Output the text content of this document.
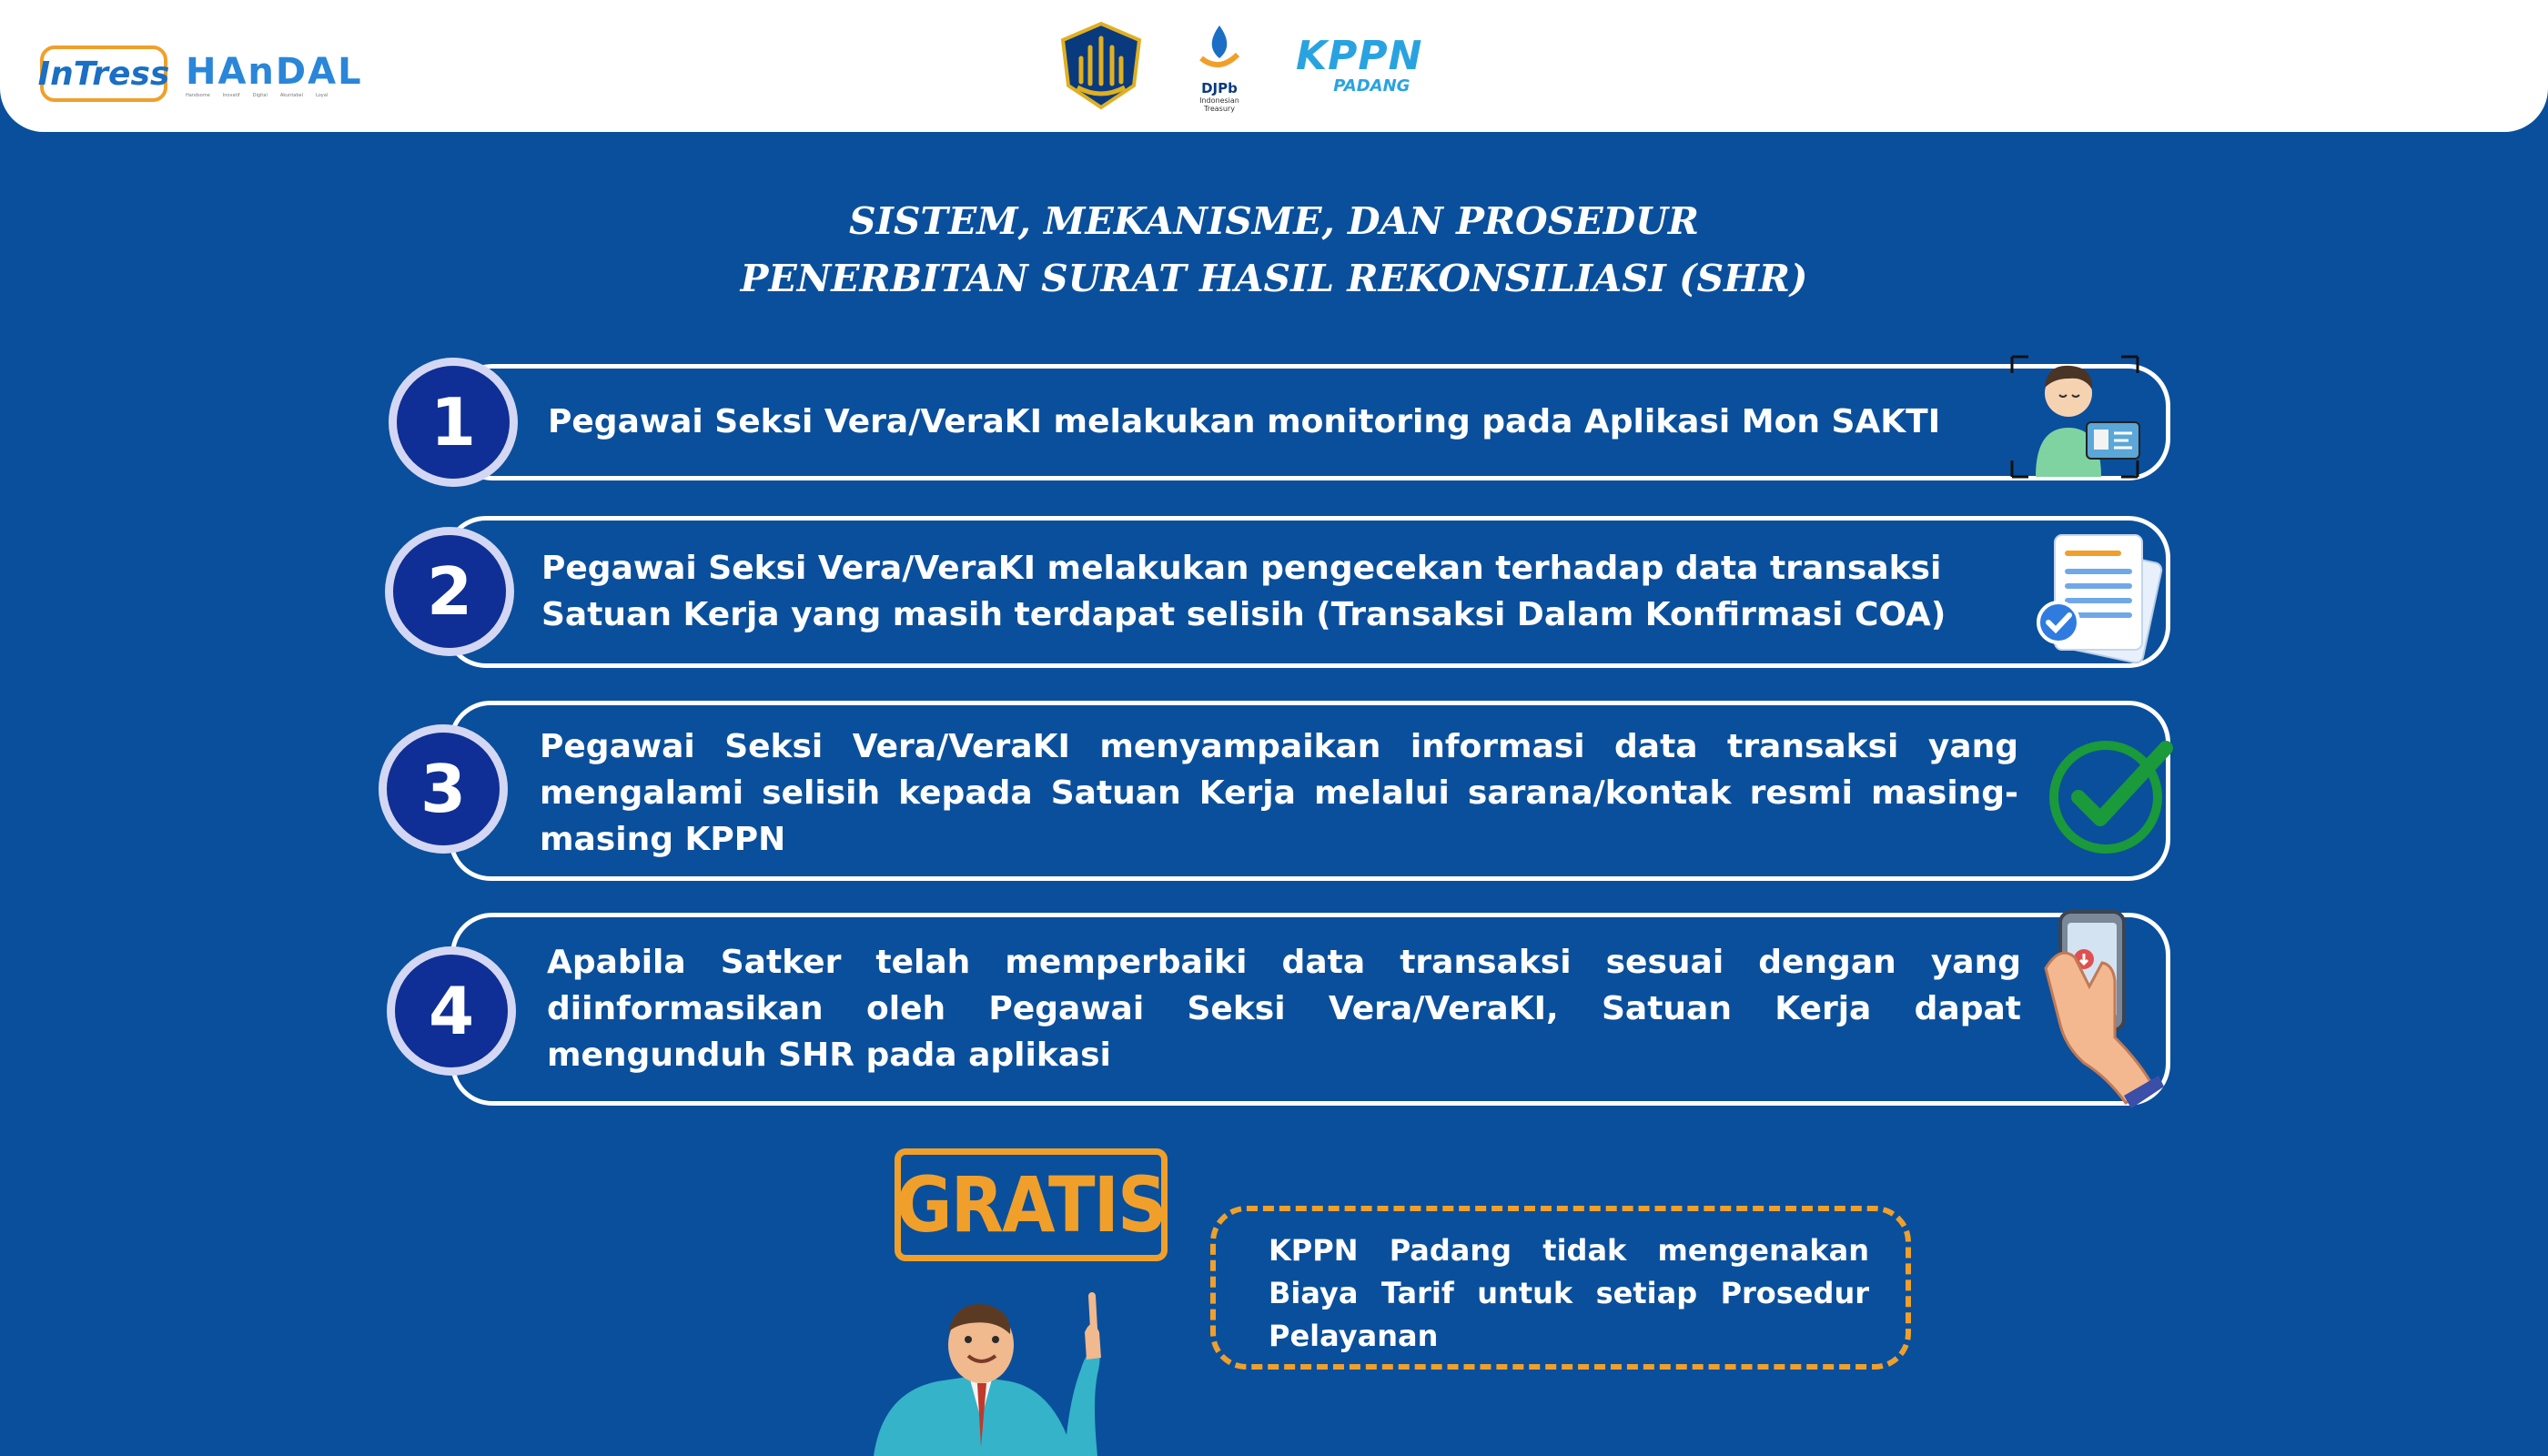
InTress HAnDAL
Handsome	Inovatif	Digital	Akuntabel	Loyal	DJPb
Indonesian Treasury
KPPN
PADANG
SISTEM, MEKANISME, DAN PROSEDUR
PENERBITAN SURAT HASIL REKONSILIASI (SHR)
1	Pegawai Seksi Vera/VeraKI melakukan monitoring pada Aplikasi Mon SAKTI
2	Pegawai Seksi Vera/VeraKI melakukan pengecekan terhadap data transaksi Satuan Kerja yang masih terdapat selisih (Transaksi Dalam Konfirmasi COA)
3
Pegawai Seksi Vera/VeraKI menyampaikan informasi data transaksi yang mengalami selisih kepada Satuan Kerja melalui sarana/kontak resmi masing-masing KPPN
4
Apabila Satker telah memperbaiki data transaksi sesuai dengan yang diinformasikan oleh Pegawai Seksi Vera/VeraKI, Satuan Kerja dapat mengunduh SHR pada aplikasi
GRATIS
KPPN Padang tidak mengenakan Biaya Tarif untuk setiap Prosedur Pelayanan
